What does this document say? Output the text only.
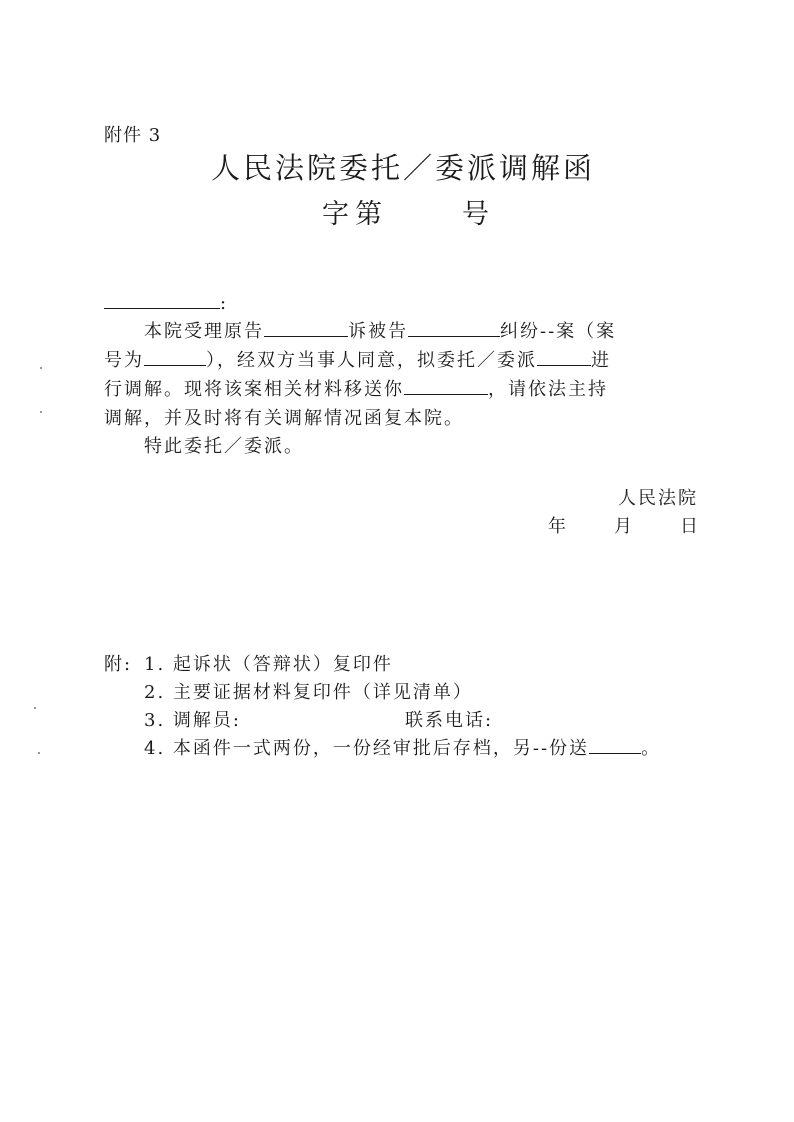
附件 3
人民法院委托／委派调解函
字第	号
:
本院受理原告	诉被告	纠纷--案（案
号为	），经双方当事人同意，拟委托／委派	进
行调解。现将该案相关材料移送你	，请依法主持
调解，并及时将有关调解情况函复本院。
特此委托／委派。
人民法院
年	月	日
附: 1. 起诉状（答辩状）复印件
2. 主要证据材料复印件（详见清单）
3. 调解员:	联系电话:
4. 本函件一式两份，一份经审批后存档，另--份送	。
